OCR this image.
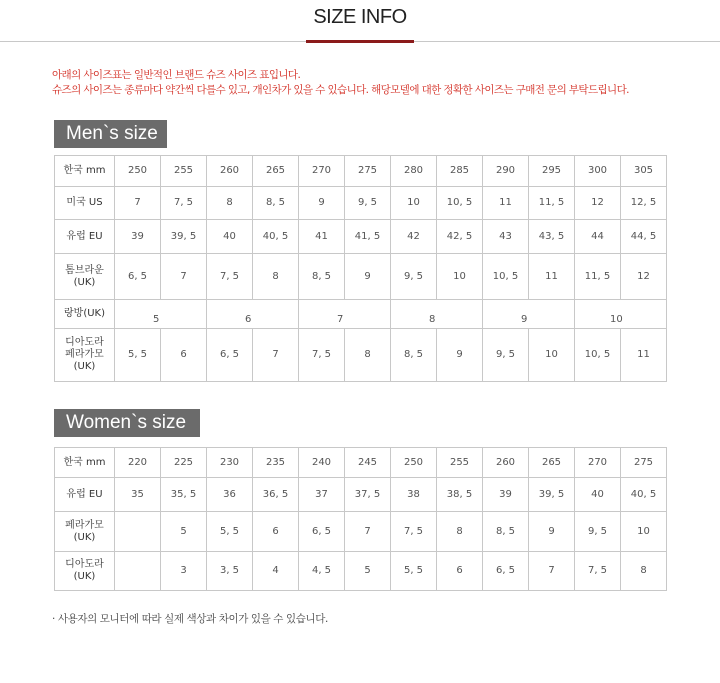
SIZE INFO
아래의 사이즈표는 일반적인 브랜드 슈즈 사이즈 표입니다.
슈즈의 사이즈는 종류마다 약간씩 다를수 있고, 개인차가 있을 수 있습니다. 해당모델에 대한 정확한 사이즈는 구매전 문의 부탁드립니다.
Men`s size
한국 mm	250	255	260	265	270	275	280	285	290	295	300	305
미국 US	7	7, 5	8	8, 5	9	9, 5	10	10, 5	11	11, 5	12	12, 5
유럽 EU	39	39, 5	40	40, 5	41	41, 5	42	42, 5	43	43, 5	44	44, 5
톰브라운
(UK)	6, 5	7	7, 5	8	8, 5	9	9, 5	10	10, 5	11	11, 5	12
랑방(UK)	5		6		7		8		9		10	

디아도라
페라가모
(UK)	5, 5	6	6, 5	7	7, 5	8	8, 5	9	9, 5	10	10, 5	11
Women`s size
한국 mm	220	225	230	235	240	245	250	255	260	265	270	275
유럽 EU	35	35, 5	36	36, 5	37	37, 5	38	38, 5	39	39, 5	40	40, 5
페라가모
(UK)		5	5, 5	6	6, 5	7	7, 5	8	8, 5	9	9, 5	10
디아도라
(UK)		3	3, 5	4	4, 5	5	5, 5	6	6, 5	7	7, 5	8
· 사용자의 모니터에 따라 실제 색상과 차이가 있을 수 있습니다.
